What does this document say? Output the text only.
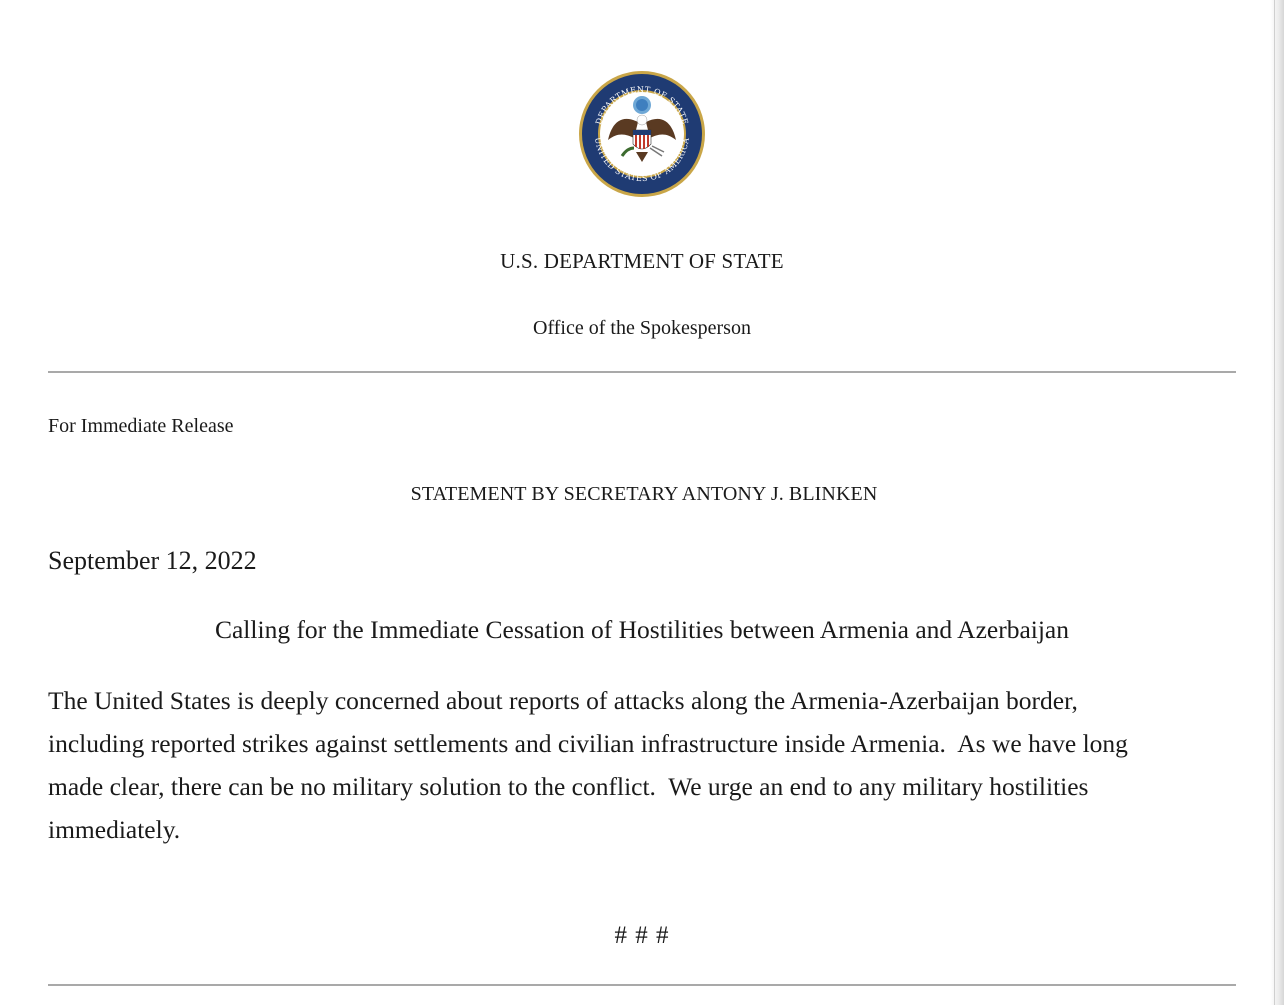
DEPARTMENT OF STATE
UNITED STATES OF AMERICA
U.S. DEPARTMENT OF STATE
Office of the Spokesperson
For Immediate Release
STATEMENT BY SECRETARY ANTONY J. BLINKEN
September 12, 2022
Calling for the Immediate Cessation of Hostilities between Armenia and Azerbaijan
The United States is deeply concerned about reports of attacks along the Armenia-Azerbaijan border,
including reported strikes against settlements and civilian infrastructure inside Armenia.  As we have long
made clear, there can be no military solution to the conflict.  We urge an end to any military hostilities
immediately.
# # #
